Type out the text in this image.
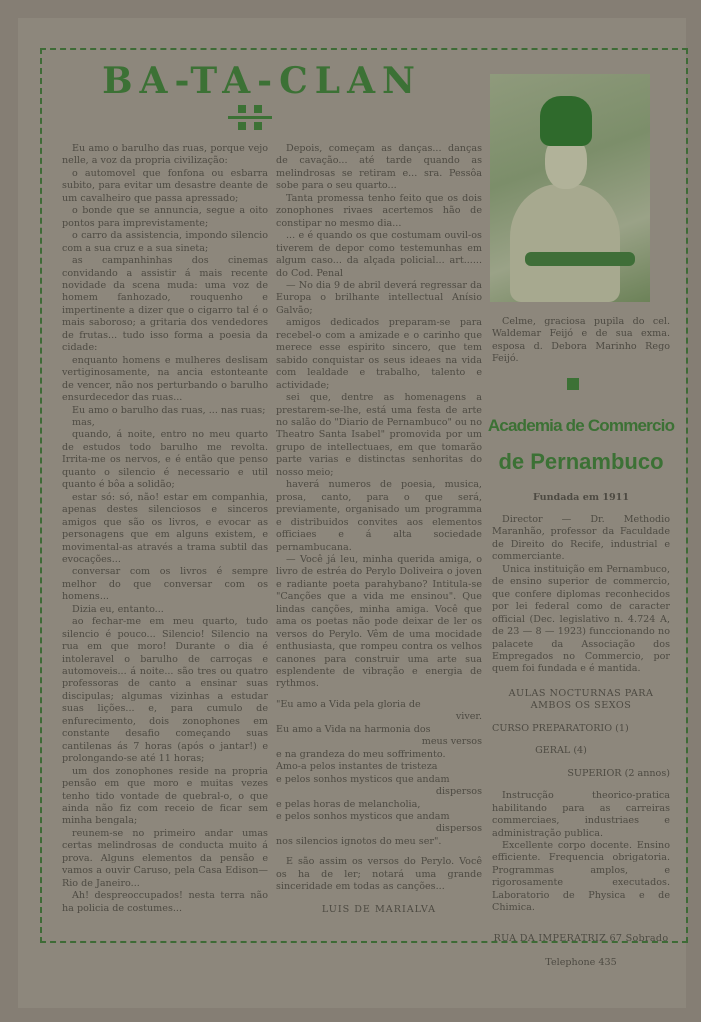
BA-TA-CLAN

Eu amo o barulho das ruas, porque vejo nelle, a voz da propria civilização:

o automovel que fonfona ou esbarra subito, para evitar um desastre deante de um cavalheiro que passa apressado;

o bonde que se annuncia, segue a oito pontos para imprevistamente;

o carro da assistencia, impondo silencio com a sua cruz e a sua sineta;

as campanhinhas dos cinemas convidando a assistir á mais recente novidade da scena muda: uma voz de homem fanhozado, rouquenho e impertinente a dizer que o cigarro tal é o mais saboroso; a gritaria dos vendedores de frutas... tudo isso forma a poesia da cidade:

enquanto homens e mulheres deslisam vertiginosamente, na ancia estonteante de vencer, não nos perturbando o barulho ensurdecedor das ruas...

Eu amo o barulho das ruas, ... nas ruas;

mas,

quando, á noite, entro no meu quarto de estudos todo barulho me revolta. Irrita-me os nervos, e é então que penso quanto o silencio é necessario e util quanto é bôa a solidão;

estar só: só, não! estar em companhia, apenas destes silenciosos e sinceros amigos que são os livros, e evocar as personagens que em alguns existem, e movimental-as através a trama subtil das evocações...

conversar com os livros é sempre melhor do que conversar com os homens...

Dizia eu, entanto...

ao fechar-me em meu quarto, tudo silencio é pouco... Silencio! Silencio na rua em que moro! Durante o dia é intoleravel o barulho de carroças e automoveis... á noite... são tres ou quatro professoras de canto a ensinar suas discipulas; algumas vizinhas a estudar suas lições... e, para cumulo de enfurecimento, dois zonophones em constante desafio começando suas cantilenas ás 7 horas (após o jantar!) e prolongando-se até 11 horas;

um dos zonophones reside na propria pensão em que moro e muitas vezes tenho tido vontade de quebral-o, o que ainda não fiz com receio de ficar sem minha bengala;

reunem-se no primeiro andar umas certas melindrosas de conducta muito á prova. Alguns elementos da pensão e vamos a ouvir Caruso, pela Casa Edison—Rio de Janeiro...

Ah! despreoccupados! nesta terra não ha policia de costumes...

Depois, começam as danças... danças de cavação... até tarde quando as melindrosas se retiram e... sra. Pessôa sobe para o seu quarto...

Tanta promessa tenho feito que os dois zonophones rivaes acertemos hão de constipar no mesmo dia...

... e é quando os que costumam ouvil-os tiverem de depor como testemunhas em algum caso... da alçada policial... art...... do Cod. Penal

— No dia 9 de abril deverá regressar da Europa o brilhante intellectual Anísio Galvão;

amigos dedicados preparam-se para recebel-o com a amizade e o carinho que merece esse espirito sincero, que tem sabido conquistar os seus ideaes na vida com lealdade e trabalho, talento e actividade;

sei que, dentre as homenagens a prestarem-se-lhe, está uma festa de arte no salão do "Diario de Pernambuco" ou no Theatro Santa Isabel" promovida por um grupo de intellectuaes, em que tomarão parte varias e distinctas senhoritas do nosso meio;

haverá numeros de poesia, musica, prosa, canto, para o que será, previamente, organisado um programma e distribuidos convites aos elementos officiaes e á alta sociedade pernambucana.

— Você já leu, minha querida amiga, o livro de estréa do Perylo Doliveira o joven e radiante poeta parahybano? Intitula-se "Canções que a vida me ensinou". Que lindas canções, minha amiga. Você que ama os poetas não pode deixar de ler os versos do Perylo. Vêm de uma mocidade enthusiasta, que rompeu contra os velhos canones para construir uma arte sua esplendente de vibração e energia de rythmos.

"Eu amo a Vida pela gloria de
viver.
Eu amo a Vida na harmonia dos
meus versos
e na grandeza do meu soffrimento.
Amo-a pelos instantes de tristeza
e pelos sonhos mysticos que andam
dispersos
e pelas horas de melancholia,
e pelos sonhos mysticos que andam
dispersos
nos silencios ignotos do meu ser".

E são assim os versos do Perylo. Você os ha de ler; notará uma grande sinceridade em todas as canções...

LUIS DE MARIALVA

Celme, graciosa pupila do cel. Waldemar Feijó e de sua exma. esposa d. Debora Marinho Rego Feijó.

Academia de Commercio
de Pernambuco
Fundada em 1911

Director — Dr. Methodio Maranhão, professor da Faculdade de Direito do Recife, industrial e commerciante.

Unica instituição em Pernambuco, de ensino superior de commercio, que confere diplomas reconhecidos por lei federal como de caracter official (Dec. legislativo n. 4.724 A, de 23 — 8 — 1923) funccionando no palacete da Associação dos Empregados no Commercio, por quem foi fundada e é mantida.

AULAS NOCTURNAS PARA AMBOS OS SEXOS
CURSO PREPARATORIO (1)
GERAL (4)
SUPERIOR (2 annos)

Instrucção theorico-pratica habilitando para as carreiras commerciaes, industriaes e administração publica.

Excellente corpo docente. Ensino efficiente. Frequencia obrigatoria. Programmas amplos, e rigorosamente executados. Laboratorio de Physica e de Chimica.

RUA DA IMPERATRIZ 67 Sobrado
Telephone 435
